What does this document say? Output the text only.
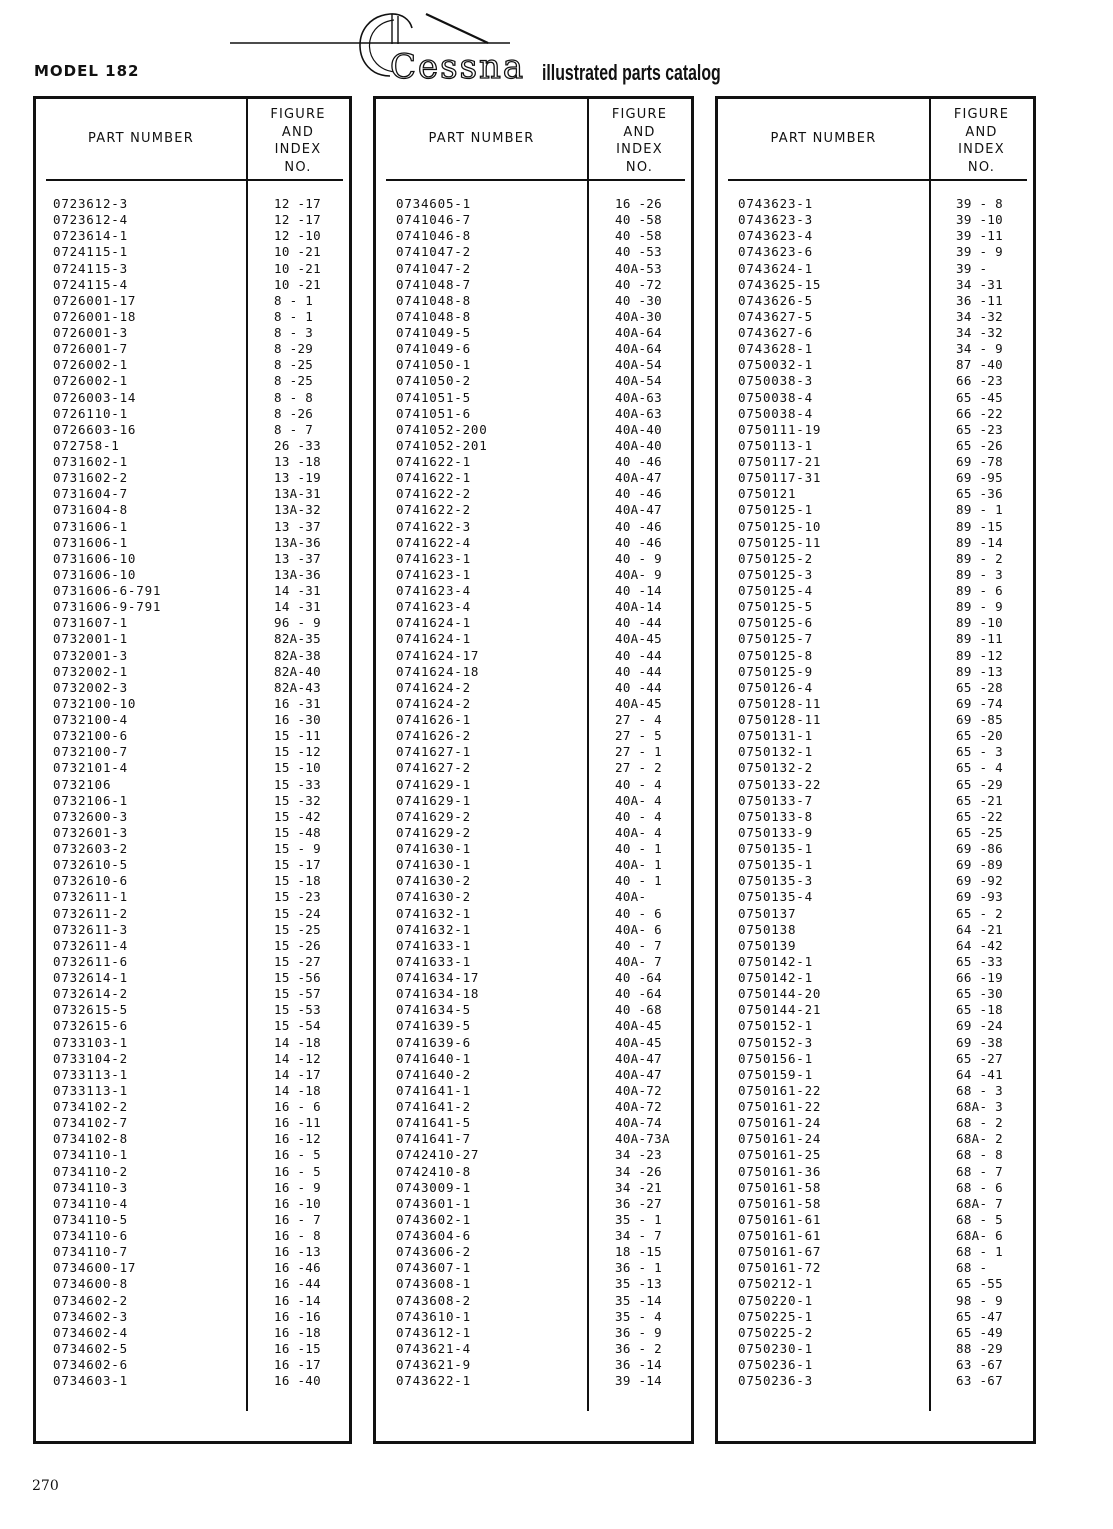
MODEL 182	Cessna illustrated parts catalog
PART NUMBER
FIGURE
AND
INDEX
NO.
0723612-3	12 -17
0723612-4	12 -17
0723614-1	12 -10
0724115-1	10 -21
0724115-3	10 -21
0724115-4	10 -21
0726001-17	8 - 1
0726001-18	8 - 1
0726001-3	8 - 3
0726001-7	8 -29
0726002-1	8 -25
0726002-1	8 -25
0726003-14	8 - 8
0726110-1	8 -26
0726603-16	8 - 7
072758-1	26 -33
0731602-1	13 -18
0731602-2	13 -19
0731604-7	13A-31
0731604-8	13A-32
0731606-1	13 -37
0731606-1	13A-36
0731606-10	13 -37
0731606-10	13A-36
0731606-6-791	14 -31
0731606-9-791	14 -31
0731607-1	96 - 9
0732001-1	82A-35
0732001-3	82A-38
0732002-1	82A-40
0732002-3	82A-43
0732100-10	16 -31
0732100-4	16 -30
0732100-6	15 -11
0732100-7	15 -12
0732101-4	15 -10
0732106	15 -33
0732106-1	15 -32
0732600-3	15 -42
0732601-3	15 -48
0732603-2	15 - 9
0732610-5	15 -17
0732610-6	15 -18
0732611-1	15 -23
0732611-2	15 -24
0732611-3	15 -25
0732611-4	15 -26
0732611-6	15 -27
0732614-1	15 -56
0732614-2	15 -57
0732615-5	15 -53
0732615-6	15 -54
0733103-1	14 -18
0733104-2	14 -12
0733113-1	14 -17
0733113-1	14 -18
0734102-2	16 - 6
0734102-7	16 -11
0734102-8	16 -12
0734110-1	16 - 5
0734110-2	16 - 5
0734110-3	16 - 9
0734110-4	16 -10
0734110-5	16 - 7
0734110-6	16 - 8
0734110-7	16 -13
0734600-17	16 -46
0734600-8	16 -44
0734602-2	16 -14
0734602-3	16 -16
0734602-4	16 -18
0734602-5	16 -15
0734602-6	16 -17
0734603-1	16 -40
PART NUMBER
FIGURE
AND
INDEX
NO.
0734605-1	16 -26
0741046-7	40 -58
0741046-8	40 -58
0741047-2	40 -53
0741047-2	40A-53
0741048-7	40 -72
0741048-8	40 -30
0741048-8	40A-30
0741049-5	40A-64
0741049-6	40A-64
0741050-1	40A-54
0741050-2	40A-54
0741051-5	40A-63
0741051-6	40A-63
0741052-200	40A-40
0741052-201	40A-40
0741622-1	40 -46
0741622-1	40A-47
0741622-2	40 -46
0741622-2	40A-47
0741622-3	40 -46
0741622-4	40 -46
0741623-1	40 - 9
0741623-1	40A- 9
0741623-4	40 -14
0741623-4	40A-14
0741624-1	40 -44
0741624-1	40A-45
0741624-17	40 -44
0741624-18	40 -44
0741624-2	40 -44
0741624-2	40A-45
0741626-1	27 - 4
0741626-2	27 - 5
0741627-1	27 - 1
0741627-2	27 - 2
0741629-1	40 - 4
0741629-1	40A- 4
0741629-2	40 - 4
0741629-2	40A- 4
0741630-1	40 - 1
0741630-1	40A- 1
0741630-2	40 - 1
0741630-2	40A-
0741632-1	40 - 6
0741632-1	40A- 6
0741633-1	40 - 7
0741633-1	40A- 7
0741634-17	40 -64
0741634-18	40 -64
0741634-5	40 -68
0741639-5	40A-45
0741639-6	40A-45
0741640-1	40A-47
0741640-2	40A-47
0741641-1	40A-72
0741641-2	40A-72
0741641-5	40A-74
0741641-7	40A-73A
0742410-27	34 -23
0742410-8	34 -26
0743009-1	34 -21
0743601-1	36 -27
0743602-1	35 - 1
0743604-6	34 - 7
0743606-2	18 -15
0743607-1	36 - 1
0743608-1	35 -13
0743608-2	35 -14
0743610-1	35 - 4
0743612-1	36 - 9
0743621-4	36 - 2
0743621-9	36 -14
0743622-1	39 -14
PART NUMBER
FIGURE
AND
INDEX
NO.
0743623-1	39 - 8
0743623-3	39 -10
0743623-4	39 -11
0743623-6	39 - 9
0743624-1	39 -
0743625-15	34 -31
0743626-5	36 -11
0743627-5	34 -32
0743627-6	34 -32
0743628-1	34 - 9
0750032-1	87 -40
0750038-3	66 -23
0750038-4	65 -45
0750038-4	66 -22
0750111-19	65 -23
0750113-1	65 -26
0750117-21	69 -78
0750117-31	69 -95
0750121	65 -36
0750125-1	89 - 1
0750125-10	89 -15
0750125-11	89 -14
0750125-2	89 - 2
0750125-3	89 - 3
0750125-4	89 - 6
0750125-5	89 - 9
0750125-6	89 -10
0750125-7	89 -11
0750125-8	89 -12
0750125-9	89 -13
0750126-4	65 -28
0750128-11	69 -74
0750128-11	69 -85
0750131-1	65 -20
0750132-1	65 - 3
0750132-2	65 - 4
0750133-22	65 -29
0750133-7	65 -21
0750133-8	65 -22
0750133-9	65 -25
0750135-1	69 -86
0750135-1	69 -89
0750135-3	69 -92
0750135-4	69 -93
0750137	65 - 2
0750138	64 -21
0750139	64 -42
0750142-1	65 -33
0750142-1	66 -19
0750144-20	65 -30
0750144-21	65 -18
0750152-1	69 -24
0750152-3	69 -38
0750156-1	65 -27
0750159-1	64 -41
0750161-22	68 - 3
0750161-22	68A- 3
0750161-24	68 - 2
0750161-24	68A- 2
0750161-25	68 - 8
0750161-36	68 - 7
0750161-58	68 - 6
0750161-58	68A- 7
0750161-61	68 - 5
0750161-61	68A- 6
0750161-67	68 - 1
0750161-72	68 -
0750212-1	65 -55
0750220-1	98 - 9
0750225-1	65 -47
0750225-2	65 -49
0750230-1	88 -29
0750236-1	63 -67
0750236-3	63 -67
270
